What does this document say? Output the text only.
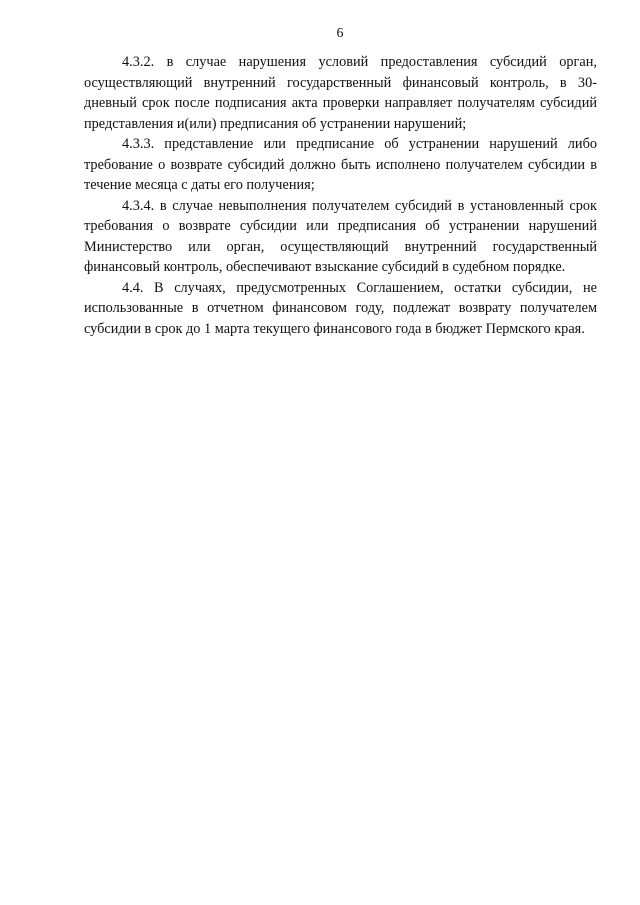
6

4.3.2. в случае нарушения условий предоставления субсидий орган, осуществляющий внутренний государственный финансовый контроль, в 30-дневный срок после подписания акта проверки направляет получателям субсидий представления и(или) предписания об устранении нарушений;

4.3.3. представление или предписание об устранении нарушений либо требование о возврате субсидий должно быть исполнено получателем субсидии в течение месяца с даты его получения;

4.3.4. в случае невыполнения получателем субсидий в установленный срок требования о возврате субсидии или предписания об устранении нарушений Министерство или орган, осуществляющий внутренний государственный финансовый контроль, обеспечивают взыскание субсидий в судебном порядке.

4.4. В случаях, предусмотренных Соглашением, остатки субсидии, не использованные в отчетном финансовом году, подлежат возврату получателем субсидии в срок до 1 марта текущего финансового года в бюджет Пермского края.
